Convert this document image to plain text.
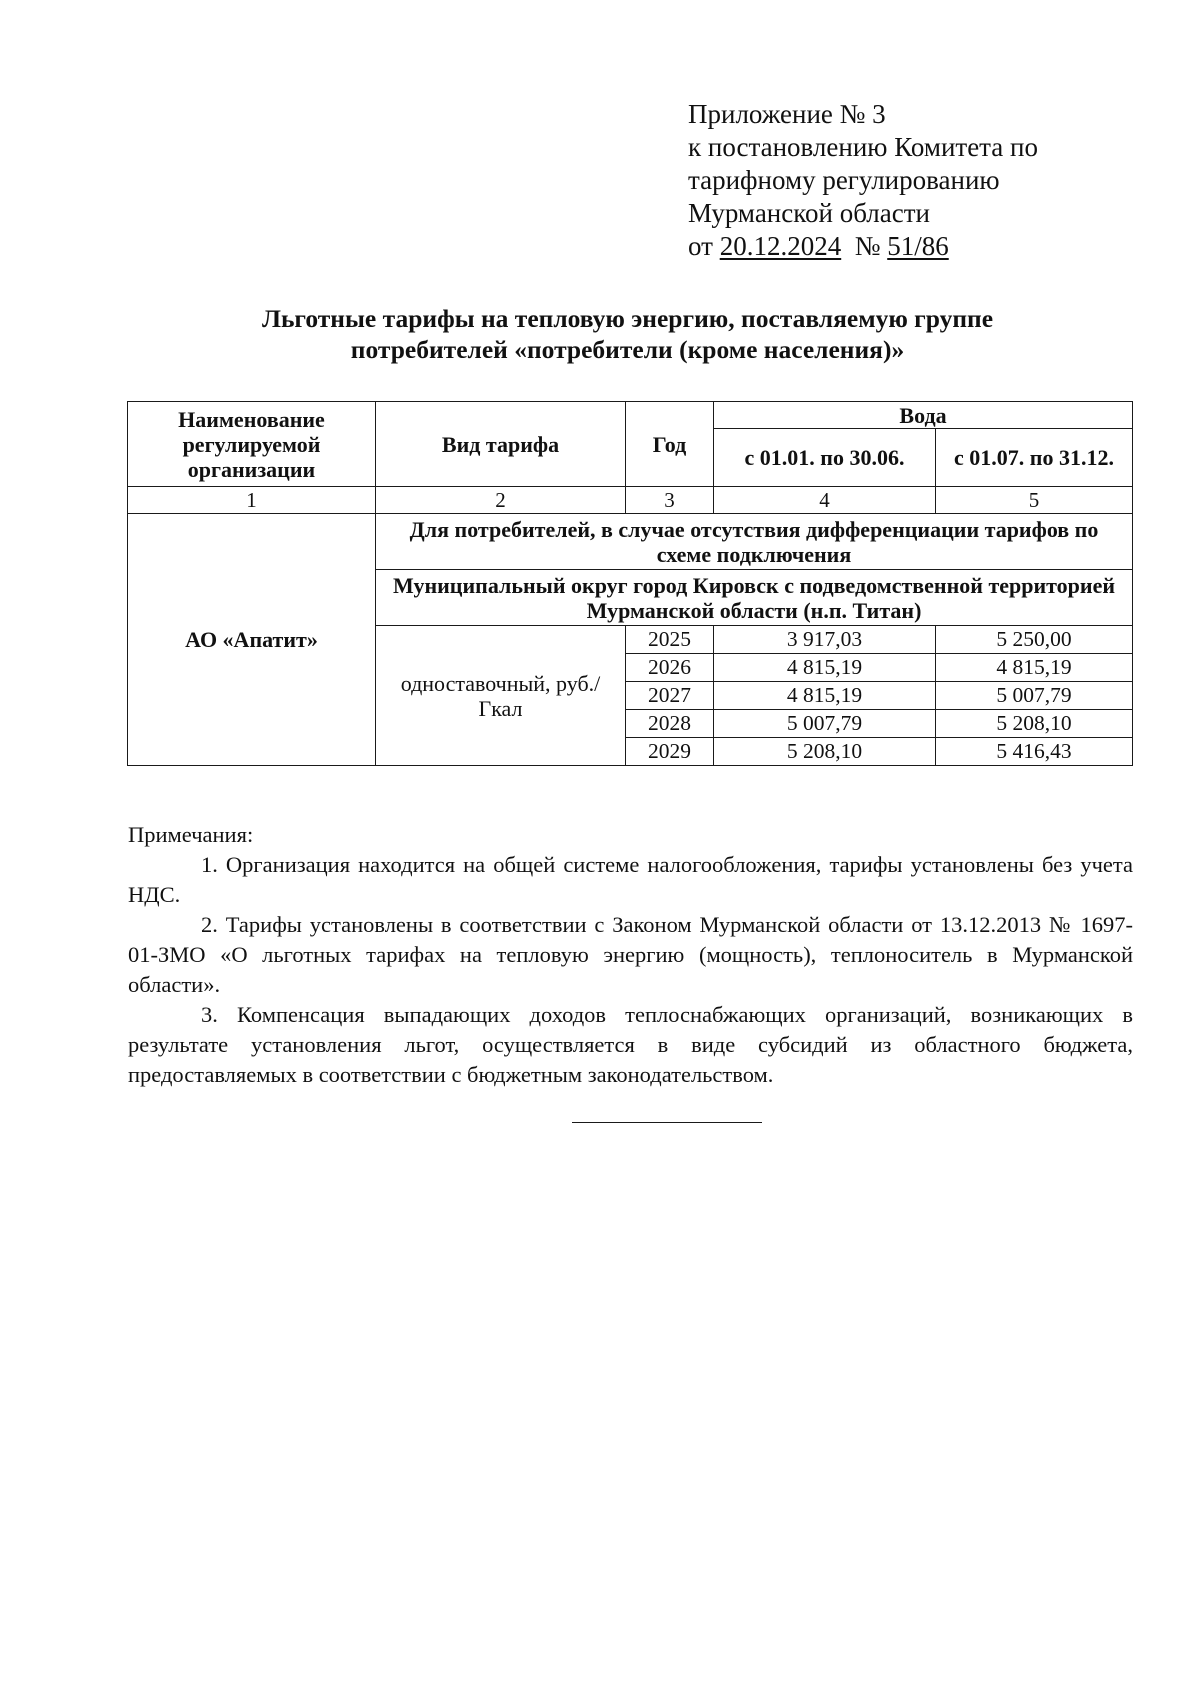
Приложение № 3
к постановлению Комитета по
тарифному регулированию
Мурманской области
от 20.12.2024 № 51/86
Льготные тарифы на тепловую энергию, поставляемую группе
потребителей «потребители (кроме населения)»
Наименование регулируемой организации	Вид тарифа	Год	Вода	
			с 01.01. по 30.06.	с 01.07. по 31.12.
1	2	3	4	5
АО «Апатит»	Для потребителей, в случае отсутствия дифференциации тарифов по схеме подключения			
	Муниципальный округ город Кировск с подведомственной территорией Мурманской области (н.п. Титан)			
	одноставочный, руб./Гкал	2025	3 917,03	5 250,00
		2026	4 815,19	4 815,19
		2027	4 815,19	5 007,79
		2028	5 007,79	5 208,10
		2029	5 208,10	5 416,43

Примечания:

1. Организация находится на общей системе налогообложения, тарифы установлены без учета НДС.

2. Тарифы установлены в соответствии с Законом Мурманской области от 13.12.2013 № 1697-01-ЗМО «О льготных тарифах на тепловую энергию (мощность), теплоноситель в Мурманской области».

3. Компенсация выпадающих доходов теплоснабжающих организаций, возникающих в результате установления льгот, осуществляется в виде субсидий из областного бюджета, предоставляемых в соответствии с бюджетным законодательством.
